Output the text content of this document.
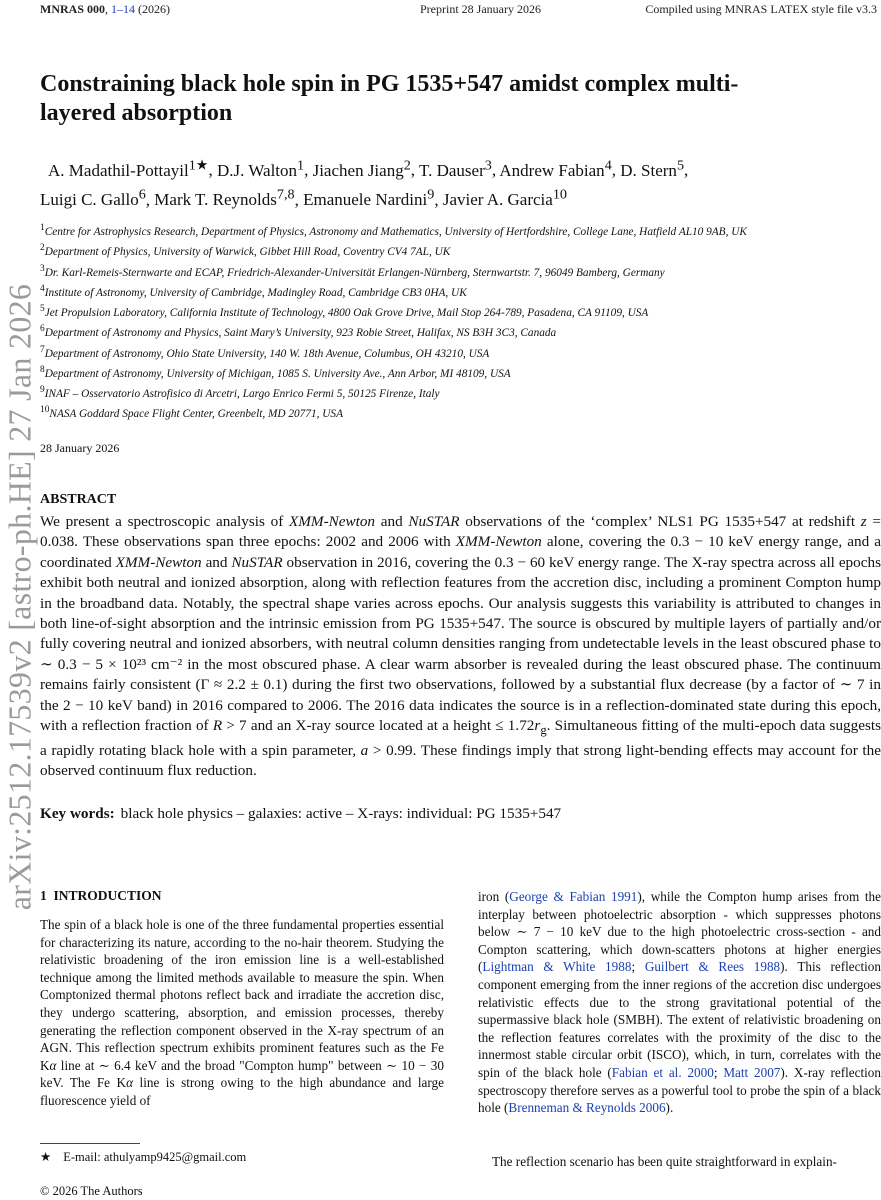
MNRAS 000, 1–14 (2026)	Preprint 28 January 2026	Compiled using MNRAS LATEX style file v3.3
arXiv:2512.17539v2 [astro-ph.HE] 27 Jan 2026
Constraining black hole spin in PG 1535+547 amidst complex multi-layered absorption
A. Madathil-Pottayil$^{1★}$, D.J. Walton$^1$, Jiachen Jiang$^2$, T. Dauser$^3$, Andrew Fabian$^4$, D. Stern$^5$,
Luigi C. Gallo$^6$, Mark T. Reynolds$^{7,8}$, Emanuele Nardini$^9$, Javier A. Garcia$^{10}$
$^1$Centre for Astrophysics Research, Department of Physics, Astronomy and Mathematics, University of Hertfordshire, College Lane, Hatfield AL10 9AB, UK
$^2$Department of Physics, University of Warwick, Gibbet Hill Road, Coventry CV4 7AL, UK
$^3$Dr. Karl-Remeis-Sternwarte and ECAP, Friedrich-Alexander-Universität Erlangen-Nürnberg, Sternwartstr. 7, 96049 Bamberg, Germany
$^4$Institute of Astronomy, University of Cambridge, Madingley Road, Cambridge CB3 0HA, UK
$^5$Jet Propulsion Laboratory, California Institute of Technology, 4800 Oak Grove Drive, Mail Stop 264-789, Pasadena, CA 91109, USA
$^6$Department of Astronomy and Physics, Saint Mary’s University, 923 Robie Street, Halifax, NS B3H 3C3, Canada
$^7$Department of Astronomy, Ohio State University, 140 W. 18th Avenue, Columbus, OH 43210, USA
$^8$Department of Astronomy, University of Michigan, 1085 S. University Ave., Ann Arbor, MI 48109, USA
$^9$INAF – Osservatorio Astrofisico di Arcetri, Largo Enrico Fermi 5, 50125 Firenze, Italy
$^{10}$NASA Goddard Space Flight Center, Greenbelt, MD 20771, USA
28 January 2026
ABSTRACT
We present a spectroscopic analysis of XMM-Newton and NuSTAR observations of the ‘complex’ NLS1 PG 1535+547 at redshift z = 0.038. These observations span three epochs: 2002 and 2006 with XMM-Newton alone, covering the 0.3 − 10 keV energy range, and a coordinated XMM-Newton and NuSTAR observation in 2016, covering the 0.3 − 60 keV energy range. The X-ray spectra across all epochs exhibit both neutral and ionized absorption, along with reflection features from the accretion disc, including a prominent Compton hump in the broadband data. Notably, the spectral shape varies across epochs. Our analysis suggests this variability is attributed to changes in both line-of-sight absorption and the intrinsic emission from PG 1535+547. The source is obscured by multiple layers of partially and/or fully covering neutral and ionized absorbers, with neutral column densities ranging from undetectable levels in the least obscured phase to ∼ 0.3 − 5 × 10²³ cm⁻² in the most obscured phase. A clear warm absorber is revealed during the least obscured phase. The continuum remains fairly consistent (Γ ≈ 2.2 ± 0.1) during the first two observations, followed by a substantial flux decrease (by a factor of ∼ 7 in the 2 − 10 keV band) in 2016 compared to 2006. The 2016 data indicates the source is in a reflection-dominated state during this epoch, with a reflection fraction of R > 7 and an X-ray source located at a height ≤ $1.72r_g$. Simultaneous fitting of the multi-epoch data suggests a rapidly rotating black hole with a spin parameter, a > 0.99. These findings imply that strong light-bending effects may account for the observed continuum flux reduction.
Key words: black hole physics – galaxies: active – X-rays: individual: PG 1535+547
1 INTRODUCTION
The spin of a black hole is one of the three fundamental properties essential for characterizing its nature, according to the no-hair theorem. Studying the relativistic broadening of the iron emission line is a well-established technique among the limited methods available to measure the spin. When Comptonized thermal photons reflect back and irradiate the accretion disc, they undergo scattering, absorption, and emission processes, thereby generating the reflection component observed in the X-ray spectrum of an AGN. This reflection spectrum exhibits prominent features such as the Fe Kα line at ∼ 6.4 keV and the broad "Compton hump" between ∼ 10 − 30 keV. The Fe Kα line is strong owing to the high abundance and large fluorescence yield of
iron (George & Fabian 1991), while the Compton hump arises from the interplay between photoelectric absorption - which suppresses photons below ∼ 7 − 10 keV due to the high photoelectric cross-section - and Compton scattering, which down-scatters photons at higher energies (Lightman & White 1988; Guilbert & Rees 1988). This reflection component emerging from the inner regions of the accretion disc undergoes relativistic effects due to the strong gravitational potential of the supermassive black hole (SMBH). The extent of relativistic broadening on the reflection features correlates with the proximity of the disc to the innermost stable circular orbit (ISCO), which, in turn, correlates with the spin of the black hole (Fabian et al. 2000; Matt 2007). X-ray reflection spectroscopy therefore serves as a powerful tool to probe the spin of a black hole (Brenneman & Reynolds 2006).
The reflection scenario has been quite straightforward in explain-
★ E-mail: athulyamp9425@gmail.com
© 2026 The Authors
